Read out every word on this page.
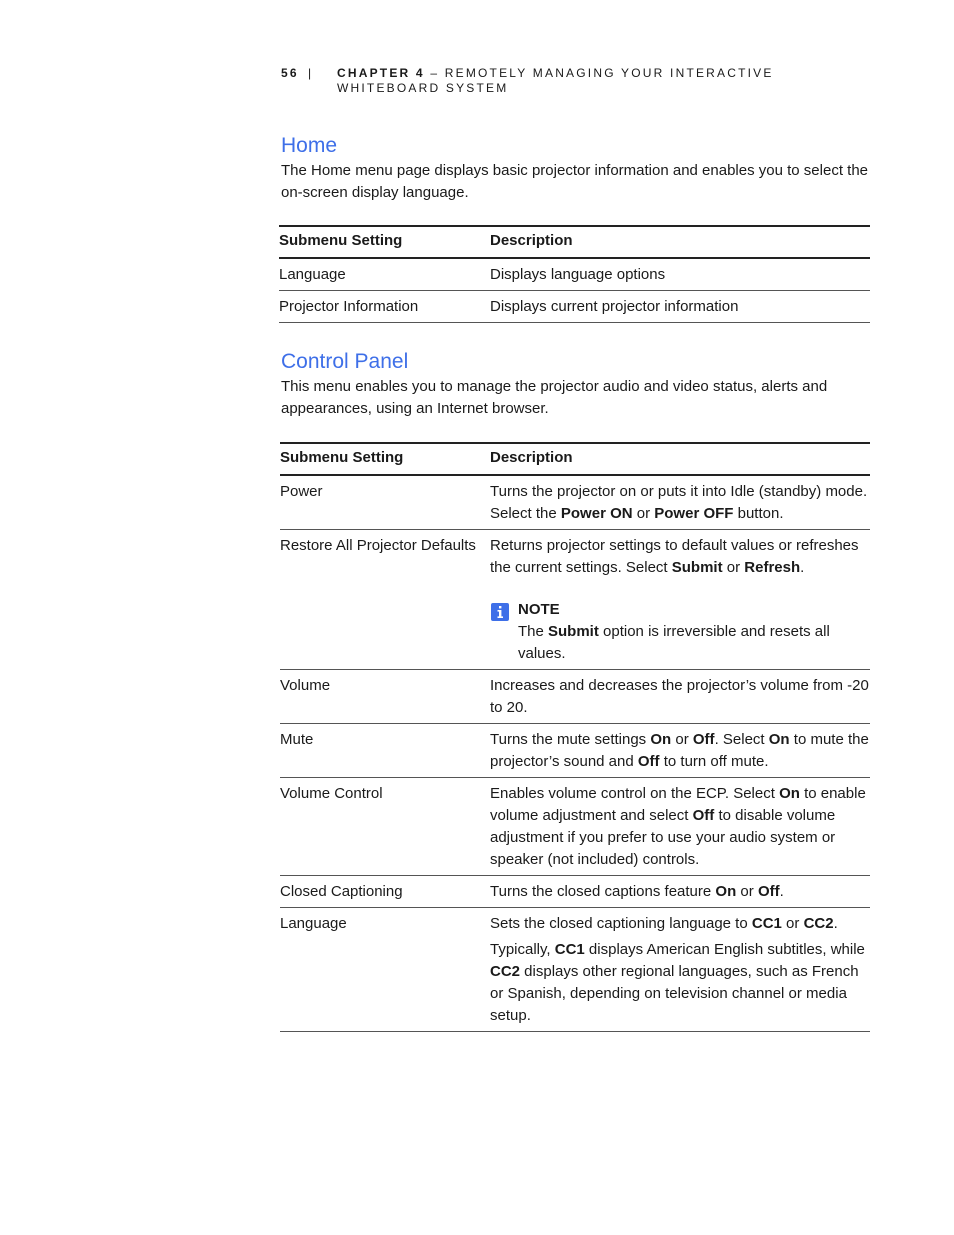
56 | CHAPTER 4 – REMOTELY MANAGING YOUR INTERACTIVE WHITEBOARD SYSTEM
Home

The Home menu page displays basic projector information and enables you to select the on-screen display language.

Submenu Setting	Description
Language	Displays language options
Projector Information	Displays current projector information
Control Panel

This menu enables you to manage the projector audio and video status, alerts and appearances, using an Internet browser.

Submenu Setting	Description
Power	Turns the projector on or puts it into Idle (standby) mode. Select the Power ON or Power OFF button.

Restore All Projector Defaults	Returns projector settings to default values or refreshes the current settings. Select Submit or Refresh.

NOTE
The Submit option is irreversible and resets all values.

Volume	Increases and decreases the projector’s volume from -20 to 20.

Mute	Turns the mute settings On or Off. Select On to mute the projector’s sound and Off to turn off mute.

Volume Control	Enables volume control on the ECP. Select On to enable volume adjustment and select Off to disable volume adjustment if you prefer to use your audio system or speaker (not included) controls.

Closed Captioning	Turns the closed captions feature On or Off.

Language	Sets the closed captioning language to CC1 or CC2.

Typically, CC1 displays American English subtitles, while CC2 displays other regional languages, such as French or Spanish, depending on television channel or media setup.
